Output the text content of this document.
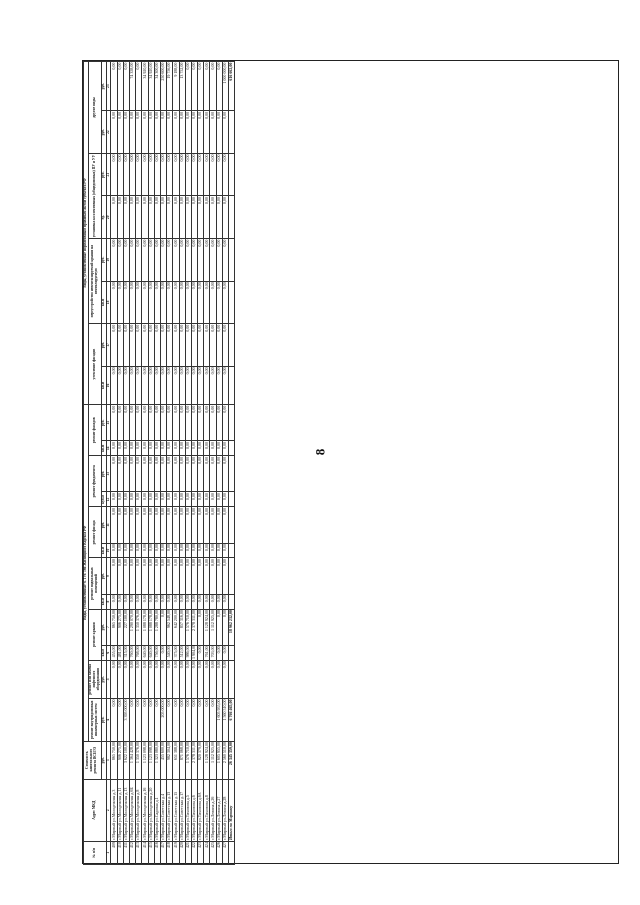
8
№ п/п	Адрес МКД	Стоимость капитального ремонта ВСЕГО	Виды, установленные ч. 1 ст. 166 Жилищного Кодекса РФ												Виды, установленные нормативным правовым актом субъекта РФ							
			ремонт внутридомовых инженерных систем	ремонт или замена лифтового оборудования	ремонт крыши		ремонт подвальных помещений		ремонт фасада		ремонт фундамента		ремонт фасадов		утепление фасадов		переустройство невентилируемой крыши на вентилируемую		установка коллективных (общедомовых) ПУ и УУ		другие виды	
		руб.	руб.	руб.	кв.м	руб.	кв.м	руб.	кв.м	руб.	куб.м	руб.	кв.м	руб.	кв.м	руб.	кв.м	руб.	ед.	руб.	руб.	руб.
1	2	3	4	5	6	7	8	9	10	11	12	13	14	15	16	17	18	19	20	21	22	23
409	г.Мирный ул.Молодежная д.3	865 750,00	0,00	0,00	455,00	865 750,00	0,00	0,00	0,00	0,00	0,00	0,00	0,00	0,00	0,00	0,00	0,00	0,00	0,00	0,00	0,00	0,00
410	г.Мирный ул.Молодежная д.11	906 275,00	0,00	0,00	481,00	906 275,00	0,00	0,00	0,00	0,00	0,00	0,00	0,00	0,00	0,00	0,00	0,00	0,00	0,00	0,00	0,00	0,00
411	г.Мирный ул.Молодежная д.13	3 622 100,00	3 395 000,00	0,00	315,00	227 100,00	0,00	0,00	0,00	0,00	0,00	0,00	0,00	0,00	0,00	0,00	0,00	0,00	0,00	0,00	0,00	0,00
412	г.Мирный ул.Молодежная д.6Б	1 364 428,00	0,00	0,00	760,00	1 290 070,00	0,00	0,00	0,00	0,00	0,00	0,00	0,00	0,00	0,00	0,00	0,00	0,00	0,00	0,00	0,00	74 358,00
413	г.Мирный ул.Молодежная д.8	1 350 376,00	0,00	0,00	768,00	1 350 376,00	0,00	0,00	0,00	0,00	0,00	0,00	0,00	0,00	0,00	0,00	0,00	0,00	0,00	0,00	0,00	0,00
414	г.Мирный ул.Молодежная д.16	1 123 098,00	0,00	0,00	640,00	1 088 178,00	0,00	0,00	0,00	0,00	0,00	0,00	0,00	0,00	0,00	0,00	0,00	0,00	0,00	0,00	0,00	34 920,00
415	г.Мирный ул.Молодежная д.20	1 123 098,00	0,00	0,00	640,00	1 088 178,00	0,00	0,00	0,00	0,00	0,00	0,00	0,00	0,00	0,00	0,00	0,00	0,00	0,00	0,00	0,00	34 920,00
416	г.Мирный ул.Садовая д.1	1 323 080,00	0,00	0,00	756,00	1 288 780,00	0,00	0,00	0,00	0,00	0,00	0,00	0,00	0,00	0,00	0,00	0,00	0,00	0,00	0,00	0,00	34 300,00
417	г.Мирный ул.Советская д.4	455 600,00	205 000,00	0,00	0,00	0,00	0,00	0,00	0,00	0,00	0,00	0,00	0,00	0,00	0,00	0,00	0,00	0,00	0,00	0,00	0,00	250 600,00
418	г.Мирный ул.Советская д.13	982 304,00	0,00	0,00	540,00	962 548,00	0,00	0,00	0,00	0,00	0,00	0,00	0,00	0,00	0,00	0,00	0,00	0,00	0,00	0,00	0,00	19 756,00
419	г.Мирный ул.Советская д.15	651 388,00	0,00	0,00	375,00	642 200,00	0,00	0,00	0,00	0,00	0,00	0,00	0,00	0,00	0,00	0,00	0,00	0,00	0,00	0,00	0,00	9 188,00
420	г.Мирный ул.Советская д.17	871 068,00	0,00	0,00	512,00	857 316,00	0,00	0,00	0,00	0,00	0,00	0,00	0,00	0,00	0,00	0,00	0,00	0,00	0,00	0,00	0,00	13 752,00
421	г.Мирный ул.Тихонова д.5	1 576 710,00	0,00	0,00	986,00	1 576 710,00	0,00	0,00	0,00	0,00	0,00	0,00	0,00	0,00	0,00	0,00	0,00	0,00	0,00	0,00	0,00	0,00
422	г.Мирный ул.Тихонова д.6	2 378 311,00	0,00	0,00	1 904,00	2 378 311,00	0,00	0,00	0,00	0,00	0,00	0,00	0,00	0,00	0,00	0,00	0,00	0,00	0,00	0,00	0,00	0,00
423	г.Мирный ул.Тихонова д.6А	820 379,00	0,00	0,00	0,00	0,00	0,00	0,00	0,00	0,00	0,00	0,00	0,00	0,00	0,00	0,00	0,00	0,00	0,00	0,00	0,00	0,00
424	г.Мирный ул.Тихонова д.8	1 128 924,00	0,00	0,00	761,00	1 128 924,00	0,00	0,00	0,00	0,00	0,00	0,00	0,00	0,00	0,00	0,00	0,00	0,00	0,00	0,00	0,00	0,00
425	г.Мирный ул.Ленина д.26	1 112 925,00	0,00	0,00	703,00	1 112 925,00	0,00	0,00	0,00	0,00	0,00	0,00	0,00	0,00	0,00	0,00	0,00	0,00	0,00	0,00	0,00	0,00
426	г.Мирный ул.Ленина д.27	1 605 955,00	1 605 955,00	0,00	0,00	0,00	0,00	0,00	0,00	0,00	0,00	0,00	0,00	0,00	0,00	0,00	0,00	0,00	0,00	0,00	0,00	0,00
427	г.Мирный ул.Ленина д.28	2 560 510,00	1 560 510,00	0,00	0,00	0,00	0,00	0,00	0,00	0,00	0,00	0,00	0,00	0,00	0,00	0,00	0,00	0,00	0,00	0,00	0,00	1 000 000,00
	Итого по Мирному	26 345 359,00	6 766 465,00			18 962 232,00																616 662,00
